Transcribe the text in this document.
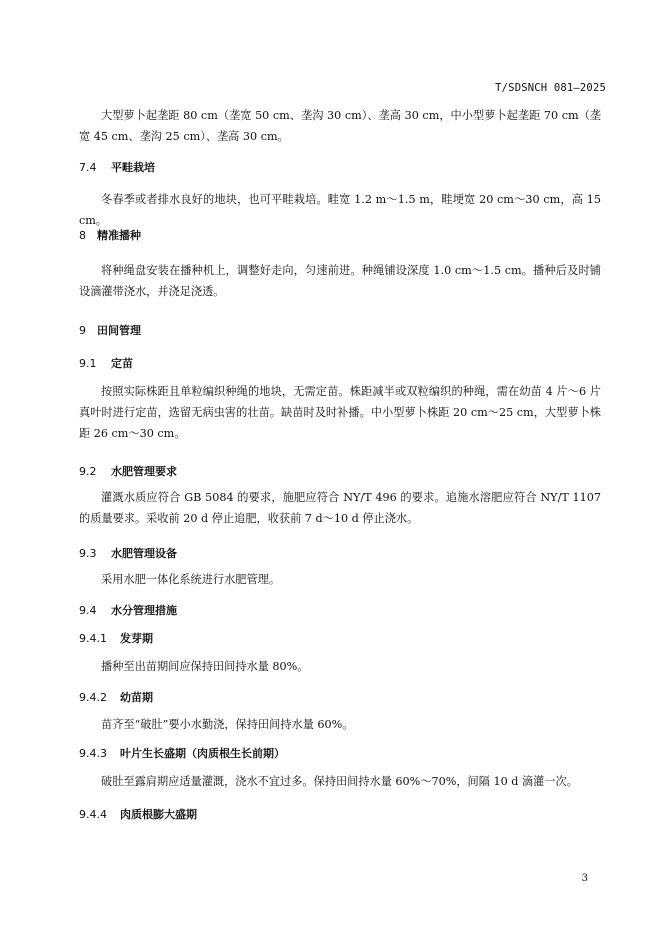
T/SDSNCH 081—2025

大型萝卜起垄距 80 cm（垄宽 50 cm、垄沟 30 cm）、垄高 30 cm，中小型萝卜起垄距 70 cm（垄宽 45 cm、垄沟 25 cm）、垄高 30 cm。

7.4 平畦栽培

冬春季或者排水良好的地块，也可平畦栽培。畦宽 1.2 m～1.5 m，畦埂宽 20 cm～30 cm，高 15 cm。

8 精准播种

将种绳盘安装在播种机上，调整好走向，匀速前进。种绳铺设深度 1.0 cm～1.5 cm。播种后及时铺设滴灌带浇水，并浇足浇透。

9 田间管理
9.1 定苗

按照实际株距且单粒编织种绳的地块，无需定苗。株距减半或双粒编织的种绳，需在幼苗 4 片～6 片真叶时进行定苗，选留无病虫害的壮苗。缺苗时及时补播。中小型萝卜株距 20 cm～25 cm，大型萝卜株距 26 cm～30 cm。

9.2 水肥管理要求

灌溉水质应符合 GB 5084 的要求，施肥应符合 NY/T 496 的要求。追施水溶肥应符合 NY/T 1107 的质量要求。采收前 20 d 停止追肥，收获前 7 d～10 d 停止浇水。

9.3 水肥管理设备

采用水肥一体化系统进行水肥管理。

9.4 水分管理措施
9.4.1 发芽期

播种至出苗期间应保持田间持水量 80%。

9.4.2 幼苗期

苗齐至“破肚”要小水勤浇，保持田间持水量 60%。

9.4.3 叶片生长盛期（肉质根生长前期）

破肚至露肩期应适量灌溉，浇水不宜过多。保持田间持水量 60%～70%，间隔 10 d 滴灌一次。

9.4.4 肉质根膨大盛期
3
